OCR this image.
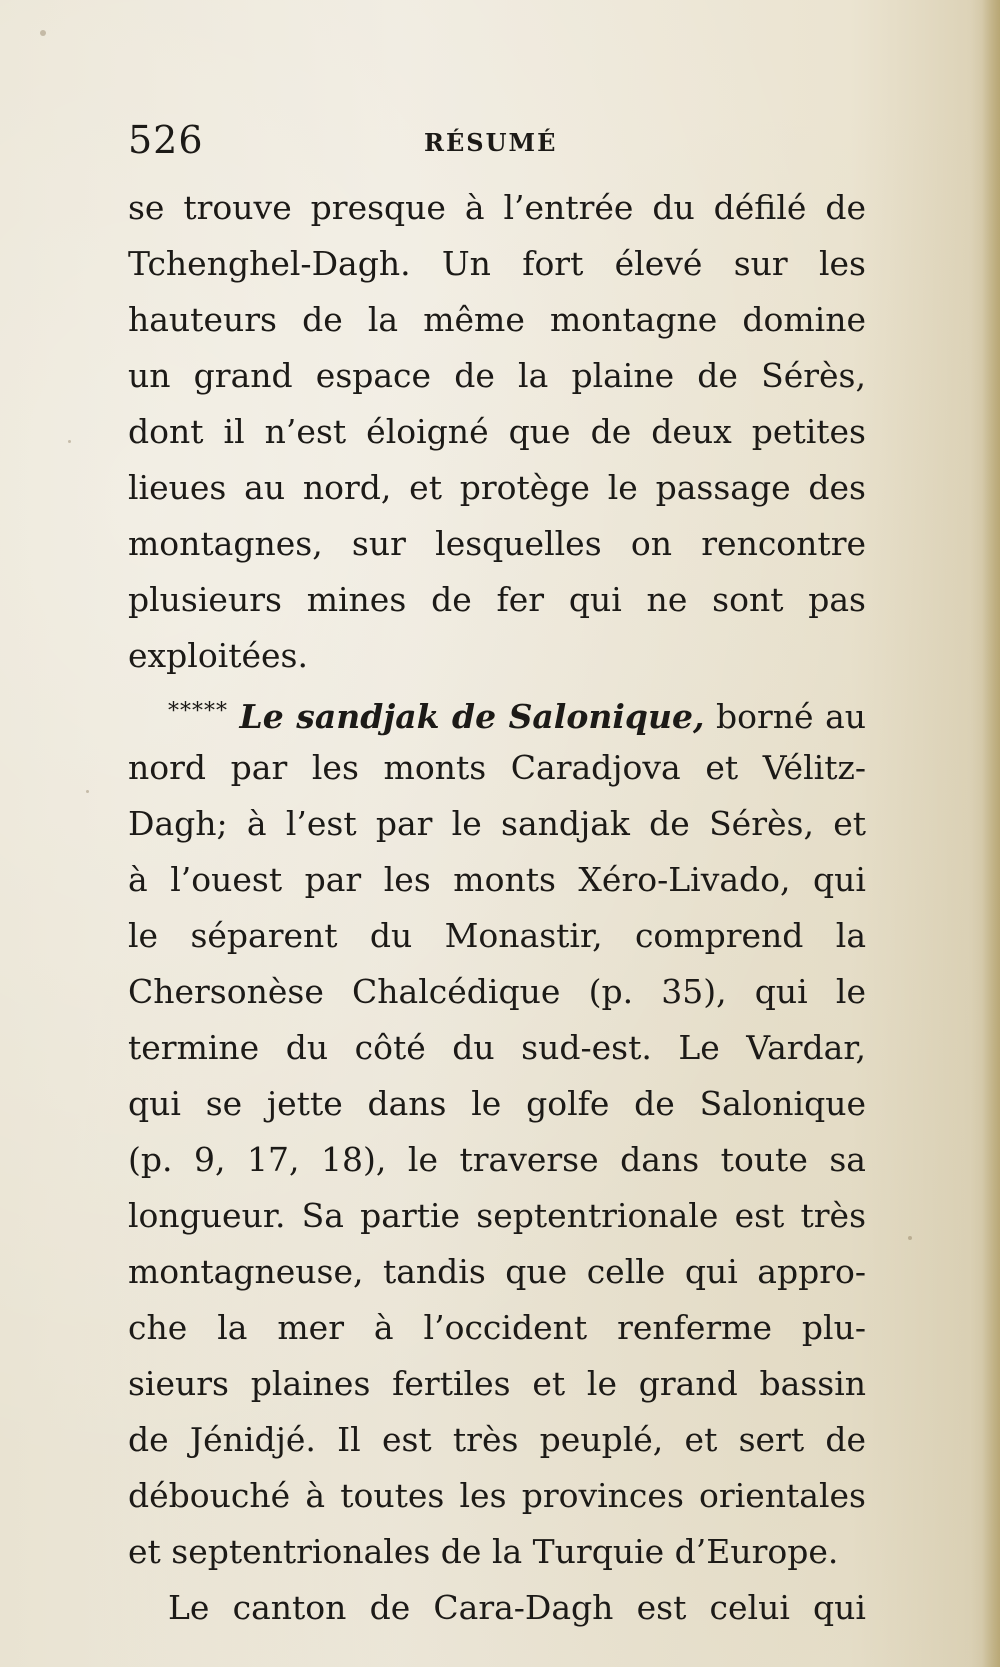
526	RÉSUMÉ
se trouve presque à l’entrée du défilé de
Tchenghel-Dagh. Un fort élevé sur les
hauteurs de la même montagne domine
un grand espace de la plaine de Sérès,
dont il n’est éloigné que de deux petites
lieues au nord, et protège le passage des
montagnes, sur lesquelles on rencontre
plusieurs mines de fer qui ne sont pas
exploitées.
***** Le sandjak de Salonique, borné au
nord par les monts Caradjova et Vélitz-
Dagh; à l’est par le sandjak de Sérès, et
à l’ouest par les monts Xéro-Livado, qui
le séparent du Monastir, comprend la
Chersonèse Chalcédique (p. 35), qui le
termine du côté du sud-est. Le Vardar,
qui se jette dans le golfe de Salonique
(p. 9, 17, 18), le traverse dans toute sa
longueur. Sa partie septentrionale est très
montagneuse, tandis que celle qui appro-
che la mer à l’occident renferme plu-
sieurs plaines fertiles et le grand bassin
de Jénidjé. Il est très peuplé, et sert de
débouché à toutes les provinces orientales
et septentrionales de la Turquie d’Europe.
Le canton de Cara-Dagh est celui qui
